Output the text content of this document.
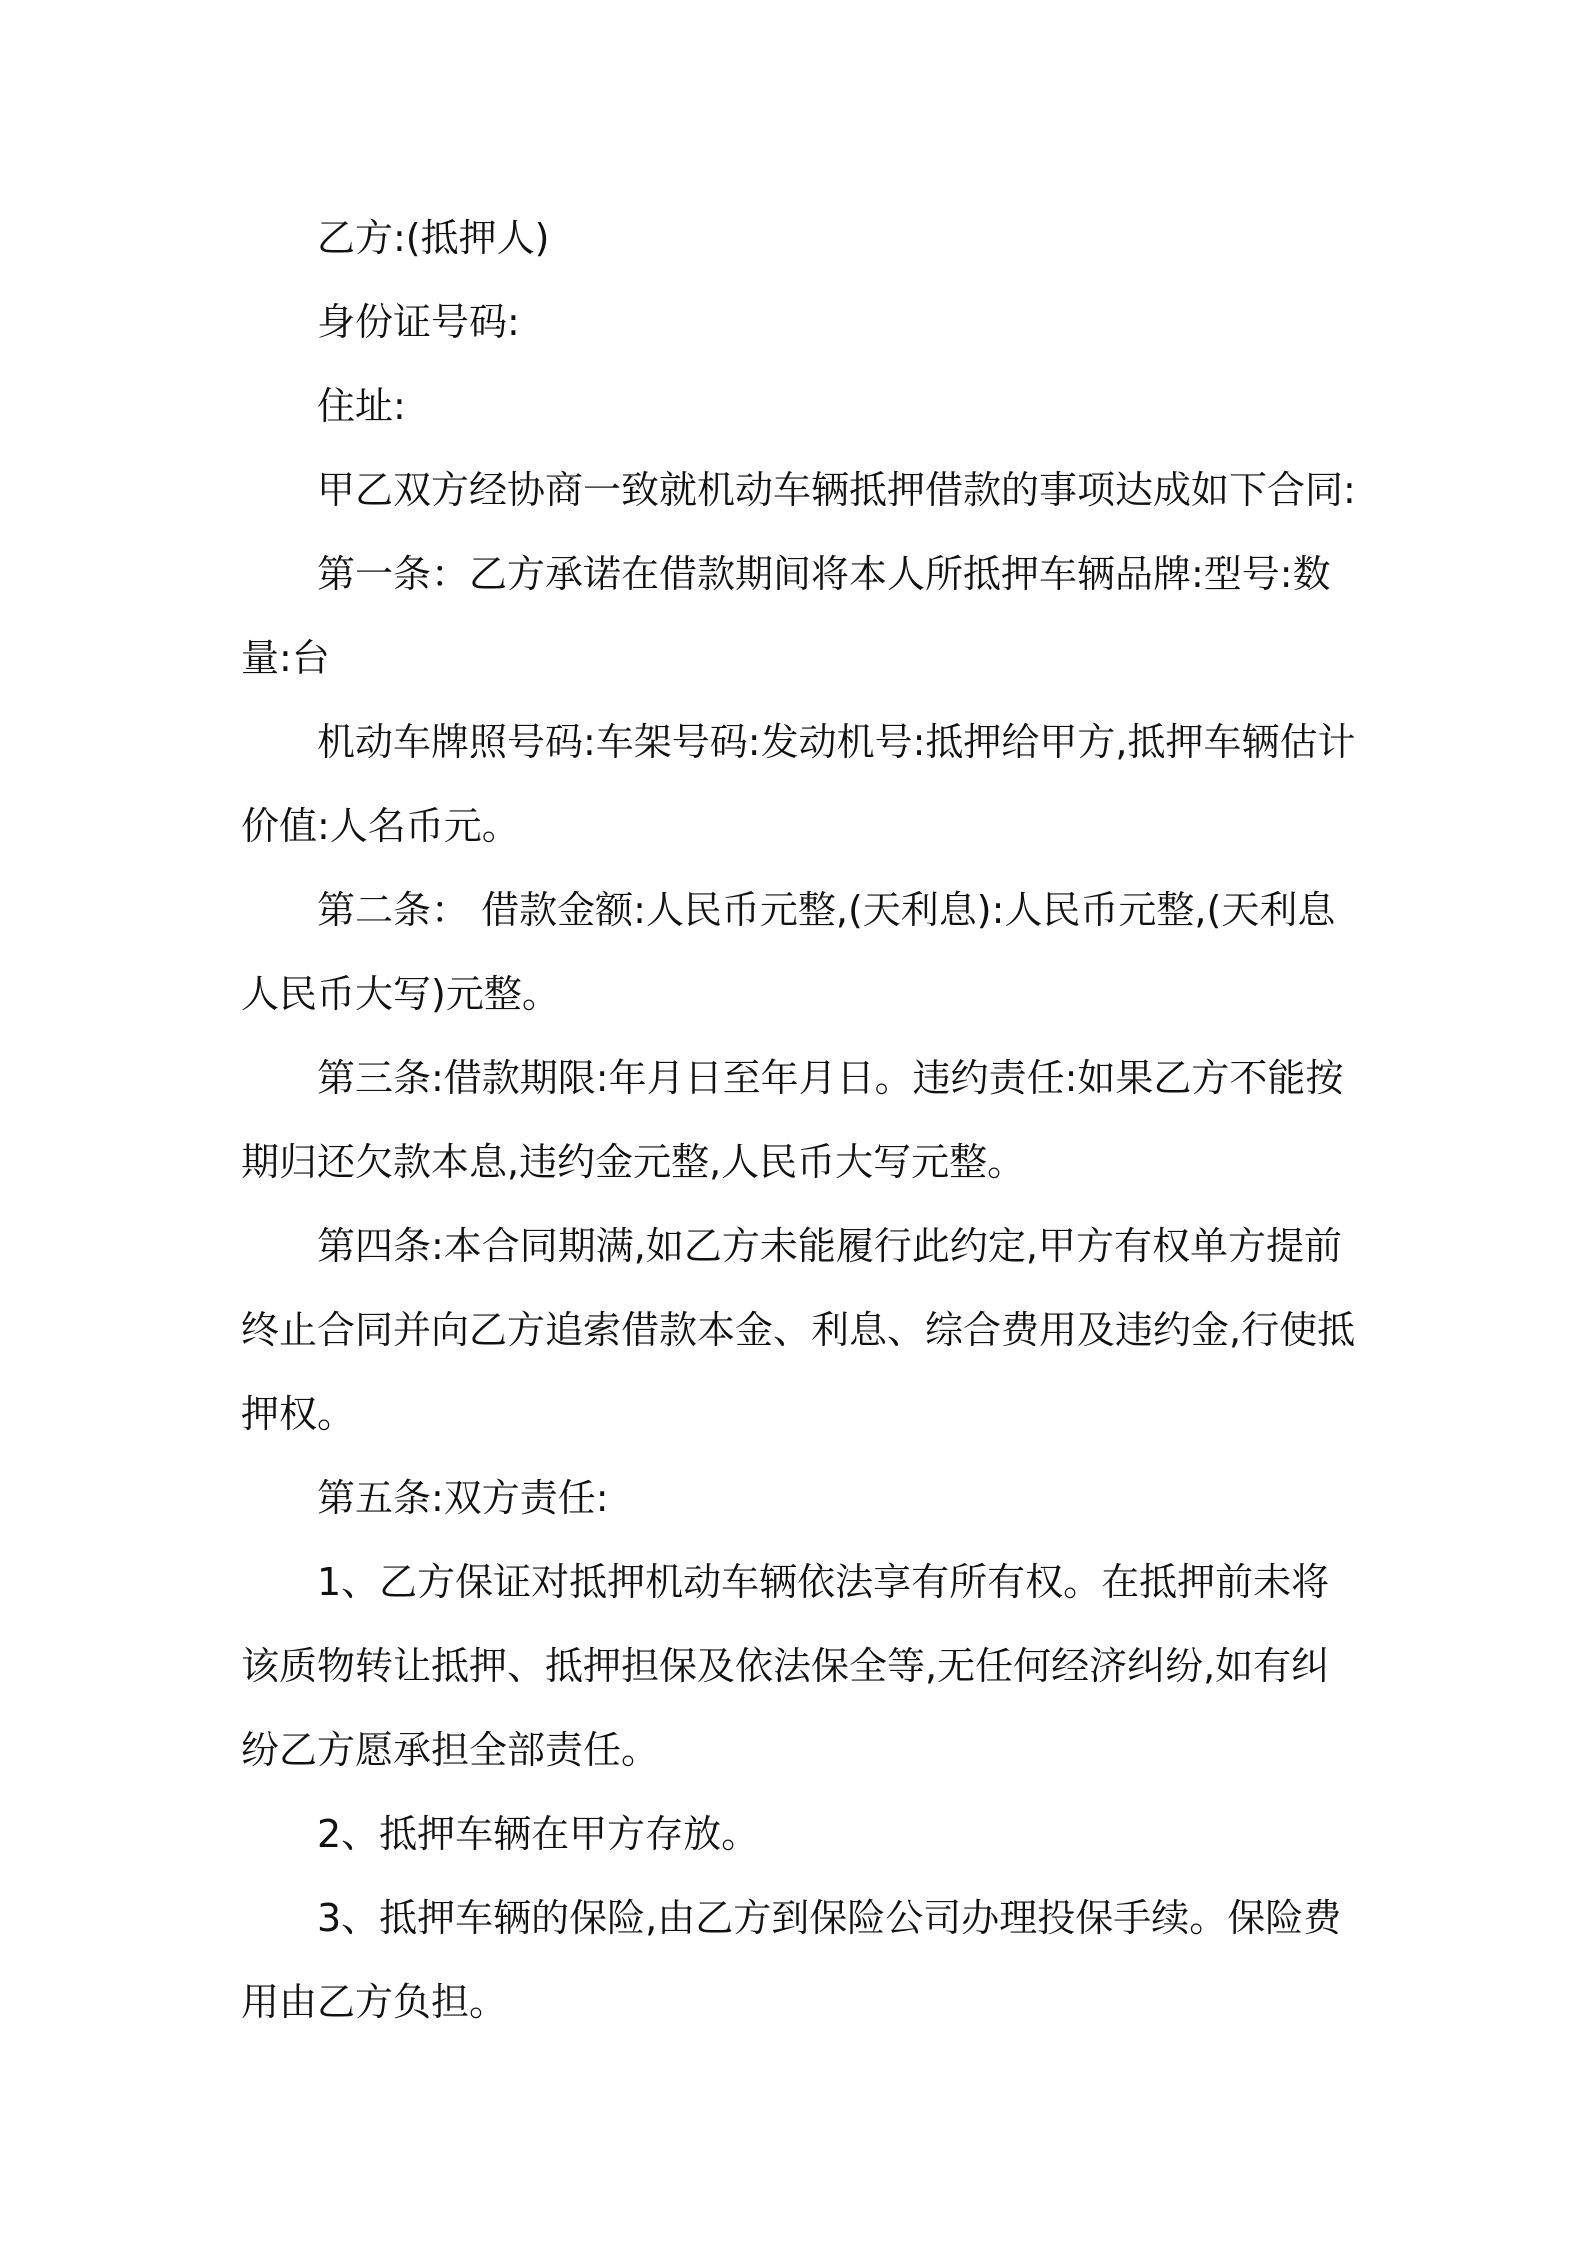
乙方:(抵押人)

身份证号码:

住址:

甲乙双方经协商一致就机动车辆抵押借款的事项达成如下合同:

第一条：乙方承诺在借款期间将本人所抵押车辆品牌:型号:数量:台

机动车牌照号码:车架号码:发动机号:抵押给甲方,抵押车辆估计价值:人名币元。

第二条： 借款金额:人民币元整,(天利息):人民币元整,(天利息人民币大写)元整。

第三条:借款期限:年月日至年月日。违约责任:如果乙方不能按期归还欠款本息,违约金元整,人民币大写元整。

第四条:本合同期满,如乙方未能履行此约定,甲方有权单方提前终止合同并向乙方追索借款本金、利息、综合费用及违约金,行使抵押权。

第五条:双方责任:

1、乙方保证对抵押机动车辆依法享有所有权。在抵押前未将该质物转让抵押、抵押担保及依法保全等,无任何经济纠纷,如有纠纷乙方愿承担全部责任。

2、抵押车辆在甲方存放。

3、抵押车辆的保险,由乙方到保险公司办理投保手续。保险费用由乙方负担。
